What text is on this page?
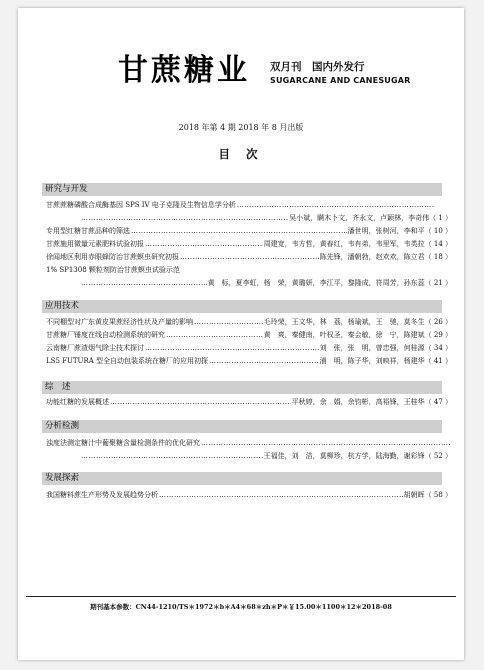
甘蔗糖业 双月刊　国内外发行
SUGARCANE AND CANESUGAR
2018 年第 4 期 2018 年 8 月出版
目 次
研究与开发
甘蔗蔗糖磷酸合成酶基因 SPS IV 电子克隆及生物信息学分析
………………………………………………………………………………………………………………………………………………………………………………
………………………………………………………………………………………………………………………………………………………………………………
吴小斌，瞒木卜文，齐永文，卢颖林，李奇伟（ 1 ）
专用型红糖甘蔗品种的筛选 ………………………………………………………………………………………………………………………………………………………………………………	潘世明，张树河，李和平（ 10 ）
甘蔗施用微量元素肥料试验初报 ………………………………………………………………………………………………………………………………………………………………………………	周建宽，韦方哲，黄春红，韦有弟，韦里军，韦类拉（ 14 ）
徐闻地区利用赤眼蜂防治甘蔗螟虫研究初报 ………………………………………………………………………………………………………………………………………………………………………………	陈先锋，潘朝勃，赵欢欢，陈立君（ 18 ）
1% SP1308 颗粒剂防治甘蔗螟虫试验示范
………………………………………………………………………………………………………………………………………………………………………………
黄　标，夏李虹，杨　荣，黄璐妍，李江平，黎隆成，符周芳，孙东蕊（ 21 ）
应用技术
不同棚型对广东黄皮果蔗经济性状及产量的影响 ………………………………………………………………………………………………………………………………………………………………………………	毛玲荣，王文华，林　荔，杨瑜斌，王　驰，莫冬生（ 26 ）
甘蔗糖厂锤度在线自动检测系统的研究 ………………………………………………………………………………………………………………………………………………………………………………	黄　爽，秦健南，叶权圣，秦会敏，徐　宁，陈建斌（ 29 ）
云南糖厂蔗渣烟气除尘技术探讨 ………………………………………………………………………………………………………………………………………………………………………………	刘　张，张　明，曾忠强，何桂源（ 34 ）
LS5 FUTURA 型全自动包装系统在糖厂的应用初探 ………………………………………………………………………………………………………………………………………………………………………………	浦　明，陈子华，刘映祥，杨建华（ 41 ）
综　述
功能红糖的发展概述 ………………………………………………………………………………………………………………………………………………………………………………	平秋婷，余　娟，余钧彬，高裕锋，王桂华（ 47 ）
分析检测
浊度法测定糖汁中葡聚糖含量检测条件的优化研究
………………………………………………………………………………………………………………………………………………………………………………
………………………………………………………………………………………………………………………………………………………………………………
王福佳，刘　洁，莫柳珍，杭方学，陆海勤，谢彩锋（ 52 ）
发展探索
我国糖料蔗生产形势及发展趋势分析 ………………………………………………………………………………………………………………………………………………………………………………	胡朝晖（ 58 ）
期刊基本参数：CN44-1210/TS＊1972＊b＊A4＊68＊zh＊P＊￥15.00＊1100＊12＊2018-08
